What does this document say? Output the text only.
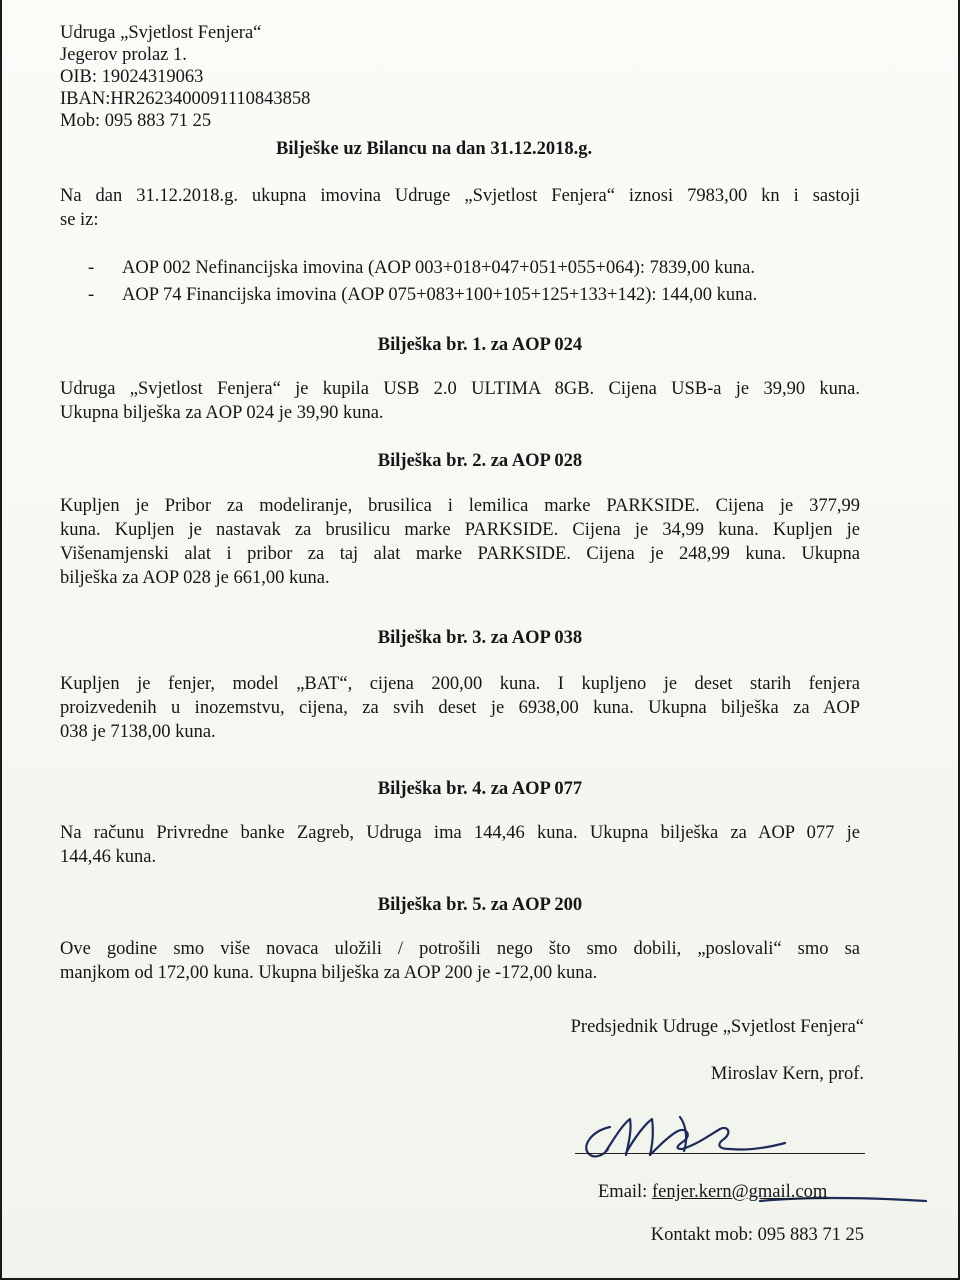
Udruga „Svjetlost Fenjera“
Jegerov prolaz 1.
OIB: 19024319063
IBAN:HR2623400091110843858
Mob: 095 883 71 25
Bilješke uz Bilancu na dan 31.12.2018.g.
Na dan 31.12.2018.g. ukupna imovina Udruge „Svjetlost Fenjera“ iznosi 7983,00 kn i sastoji
se iz:
- AOP 002 Nefinancijska imovina (AOP 003+018+047+051+055+064): 7839,00 kuna.
- AOP 74 Financijska imovina (AOP 075+083+100+105+125+133+142): 144,00 kuna.
Bilješka br. 1. za AOP 024
Udruga „Svjetlost Fenjera“ je kupila USB 2.0 ULTIMA 8GB. Cijena USB-a je 39,90 kuna.
Ukupna bilješka za AOP 024 je 39,90 kuna.
Bilješka br. 2. za AOP 028
Kupljen je Pribor za modeliranje, brusilica i lemilica marke PARKSIDE. Cijena je 377,99
kuna. Kupljen je nastavak za brusilicu marke PARKSIDE. Cijena je 34,99 kuna. Kupljen je
Višenamjenski alat i pribor za taj alat marke PARKSIDE. Cijena je 248,99 kuna. Ukupna
bilješka za AOP 028 je 661,00 kuna.
Bilješka br. 3. za AOP 038
Kupljen je fenjer, model „BAT“, cijena 200,00 kuna. I kupljeno je deset starih fenjera
proizvedenih u inozemstvu, cijena, za svih deset je 6938,00 kuna. Ukupna bilješka za AOP
038 je 7138,00 kuna.
Bilješka br. 4. za AOP 077
Na računu Privredne banke Zagreb, Udruga ima 144,46 kuna. Ukupna bilješka za AOP 077 je
144,46 kuna.
Bilješka br. 5. za AOP 200
Ove godine smo više novaca uložili / potrošili nego što smo dobili, „poslovali“ smo sa
manjkom od 172,00 kuna. Ukupna bilješka za AOP 200 je -172,00 kuna.
Predsjednik Udruge „Svjetlost Fenjera“
Miroslav Kern, prof.
Email: fenjer.kern@gmail.com
Kontakt mob: 095 883 71 25
